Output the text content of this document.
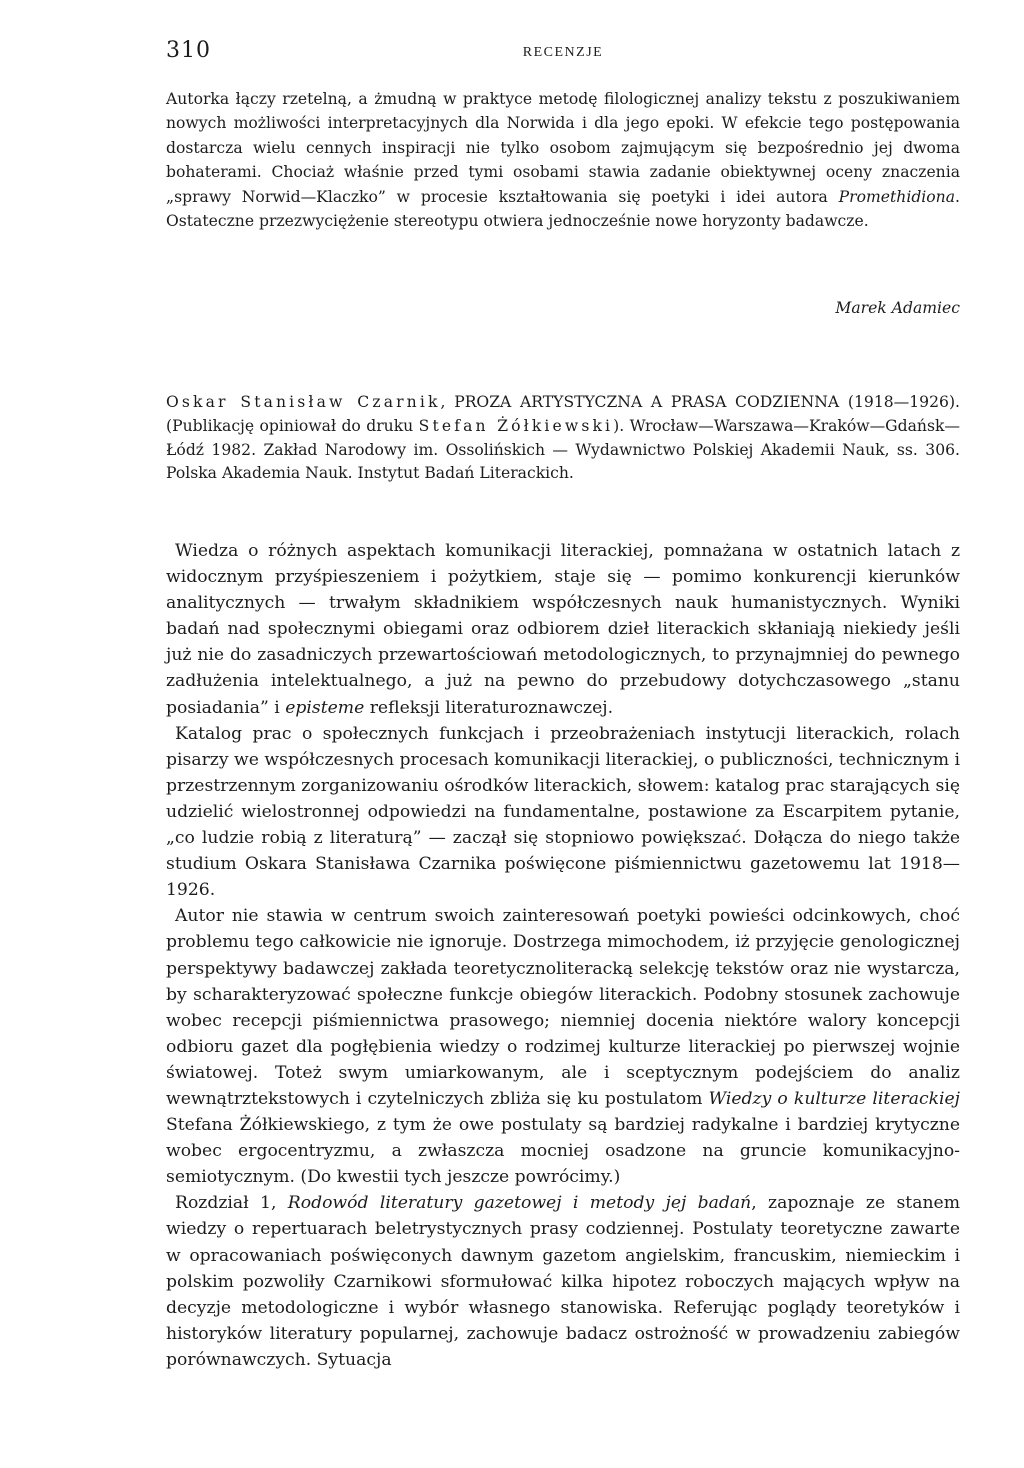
310	RECENZJE
Autorka łączy rzetelną, a żmudną w praktyce metodę filologicznej analizy tekstu z poszukiwaniem nowych możliwości interpretacyjnych dla Norwida i dla jego epoki. W efekcie tego postępowania dostarcza wielu cennych inspiracji nie tylko osobom zajmującym się bezpośrednio jej dwoma bohaterami. Chociaż właśnie przed tymi osobami stawia zadanie obiektywnej oceny znaczenia „sprawy Norwid—Klaczko” w procesie kształtowania się poetyki i idei autora Promethidiona. Ostateczne przezwyciężenie stereotypu otwiera jednocześnie nowe horyzonty badawcze.
Marek Adamiec
Oskar Stanisław Czarnik, PROZA ARTYSTYCZNA A PRASA CODZIENNA (1918—1926). (Publikację opiniował do druku Stefan Żółkiewski). Wrocław—Warszawa—Kraków—Gdańsk—Łódź 1982. Zakład Narodowy im. Ossolińskich — Wydawnictwo Polskiej Akademii Nauk, ss. 306. Polska Akademia Nauk. Instytut Badań Literackich.

Wiedza o różnych aspektach komunikacji literackiej, pomnażana w ostatnich latach z widocznym przyśpieszeniem i pożytkiem, staje się — pomimo konkurencji kierunków analitycznych — trwałym składnikiem współczesnych nauk humanistycznych. Wyniki badań nad społecznymi obiegami oraz odbiorem dzieł literackich skłaniają niekiedy jeśli już nie do zasadniczych przewartościowań metodologicznych, to przynajmniej do pewnego zadłużenia intelektualnego, a już na pewno do przebudowy dotychczasowego „stanu posiadania” i episteme refleksji literaturoznawczej.

Katalog prac o społecznych funkcjach i przeobrażeniach instytucji literackich, rolach pisarzy we współczesnych procesach komunikacji literackiej, o publiczności, technicznym i przestrzennym zorganizowaniu ośrodków literackich, słowem: katalog prac starających się udzielić wielostronnej odpowiedzi na fundamentalne, postawione za Escarpitem pytanie, „co ludzie robią z literaturą” — zaczął się stopniowo powiększać. Dołącza do niego także studium Oskara Stanisława Czarnika poświęcone piśmiennictwu gazetowemu lat 1918—1926.

Autor nie stawia w centrum swoich zainteresowań poetyki powieści odcinkowych, choć problemu tego całkowicie nie ignoruje. Dostrzega mimochodem, iż przyjęcie genologicznej perspektywy badawczej zakłada teoretycznoliteracką selekcję tekstów oraz nie wystarcza, by scharakteryzować społeczne funkcje obiegów literackich. Podobny stosunek zachowuje wobec recepcji piśmiennictwa prasowego; niemniej docenia niektóre walory koncepcji odbioru gazet dla pogłębienia wiedzy o rodzimej kulturze literackiej po pierwszej wojnie światowej. Toteż swym umiarkowanym, ale i sceptycznym podejściem do analiz wewnątrztekstowych i czytelniczych zbliża się ku postulatom Wiedzy o kulturze literackiej Stefana Żółkiewskiego, z tym że owe postulaty są bardziej radykalne i bardziej krytyczne wobec ergocentryzmu, a zwłaszcza mocniej osadzone na gruncie komunikacyjno-semiotycznym. (Do kwestii tych jeszcze powrócimy.)

Rozdział 1, Rodowód literatury gazetowej i metody jej badań, zapoznaje ze stanem wiedzy o repertuarach beletrystycznych prasy codziennej. Postulaty teoretyczne zawarte w opracowaniach poświęconych dawnym gazetom angielskim, francuskim, niemieckim i polskim pozwoliły Czarnikowi sformułować kilka hipotez roboczych mających wpływ na decyzje metodologiczne i wybór własnego stanowiska. Referując poglądy teoretyków i historyków literatury popularnej, zachowuje badacz ostrożność w prowadzeniu zabiegów porównawczych. Sytuacja
